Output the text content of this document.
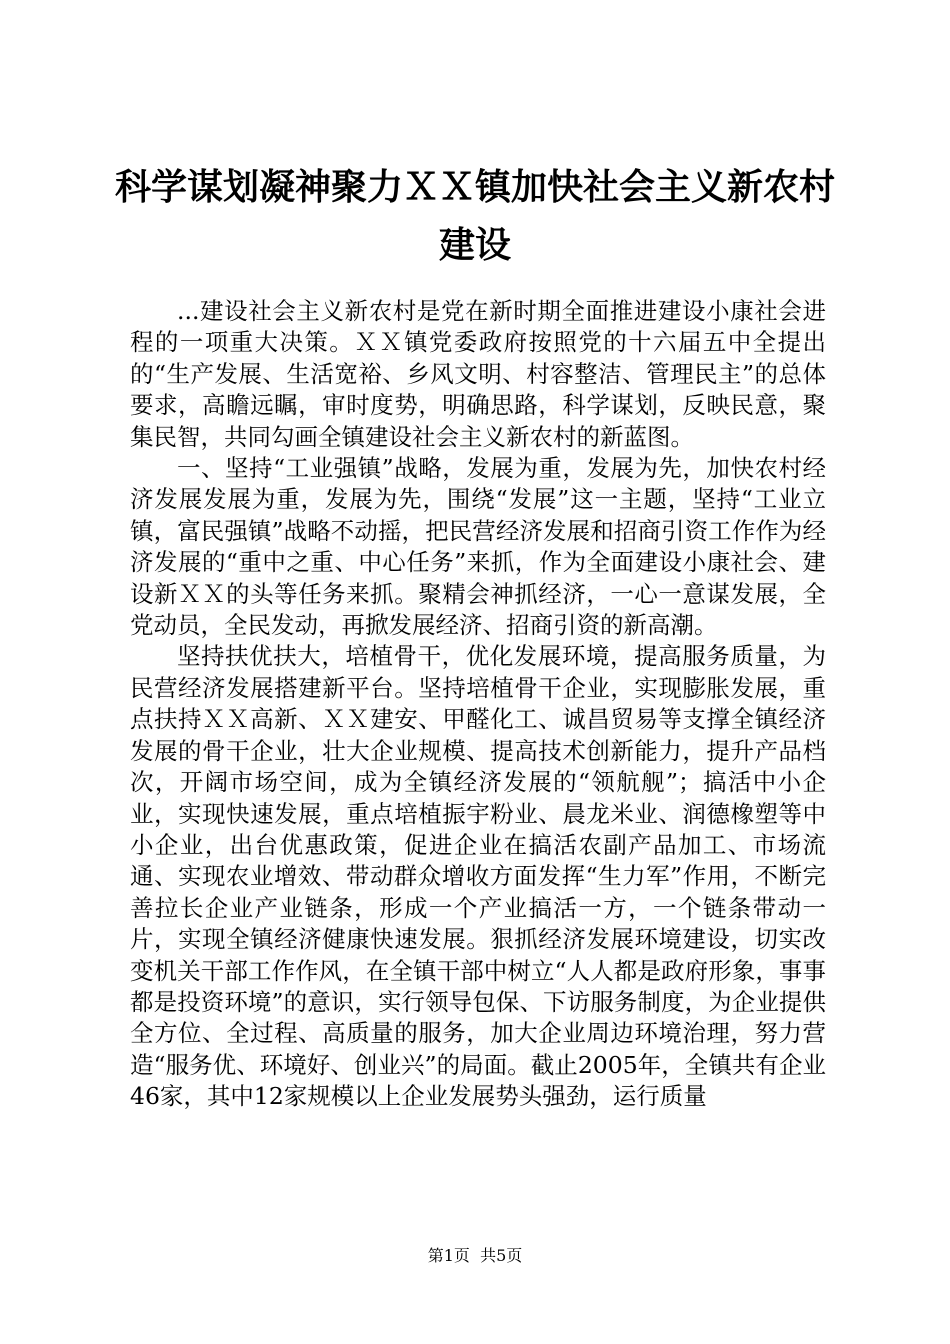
科学谋划凝神聚力ＸＸ镇加快社会主义新农村建设

...建设社会主义新农村是党在新时期全面推进建设小康社会进程的一项重大决策。ＸＸ镇党委政府按照党的十六届五中全提出的“生产发展、生活宽裕、乡风文明、村容整洁、管理民主”的总体要求，高瞻远瞩，审时度势，明确思路，科学谋划，反映民意，聚集民智，共同勾画全镇建设社会主义新农村的新蓝图。

一、坚持“工业强镇”战略，发展为重，发展为先，加快农村经济发展发展为重，发展为先，围绕“发展”这一主题，坚持“工业立镇，富民强镇”战略不动摇，把民营经济发展和招商引资工作作为经济发展的“重中之重、中心任务”来抓，作为全面建设小康社会、建设新ＸＸ的头等任务来抓。聚精会神抓经济，一心一意谋发展，全党动员，全民发动，再掀发展经济、招商引资的新高潮。

坚持扶优扶大，培植骨干，优化发展环境，提高服务质量，为民营经济发展搭建新平台。坚持培植骨干企业，实现膨胀发展，重点扶持ＸＸ高新、ＸＸ建安、甲醛化工、诚昌贸易等支撑全镇经济发展的骨干企业，壮大企业规模、提高技术创新能力，提升产品档次，开阔市场空间，成为全镇经济发展的“领航舰”；搞活中小企业，实现快速发展，重点培植振宇粉业、晨龙米业、润德橡塑等中小企业，出台优惠政策，促进企业在搞活农副产品加工、市场流通、实现农业增效、带动群众增收方面发挥“生力军”作用，不断完善拉长企业产业链条，形成一个产业搞活一方，一个链条带动一片，实现全镇经济健康快速发展。狠抓经济发展环境建设，切实改变机关干部工作作风，在全镇干部中树立“人人都是政府形象，事事都是投资环境”的意识，实行领导包保、下访服务制度，为企业提供全方位、全过程、高质量的服务，加大企业周边环境治理，努力营造“服务优、环境好、创业兴”的局面。截止2005年，全镇共有企业46家，其中12家规模以上企业发展势头强劲，运行质量

第1页  共5页
